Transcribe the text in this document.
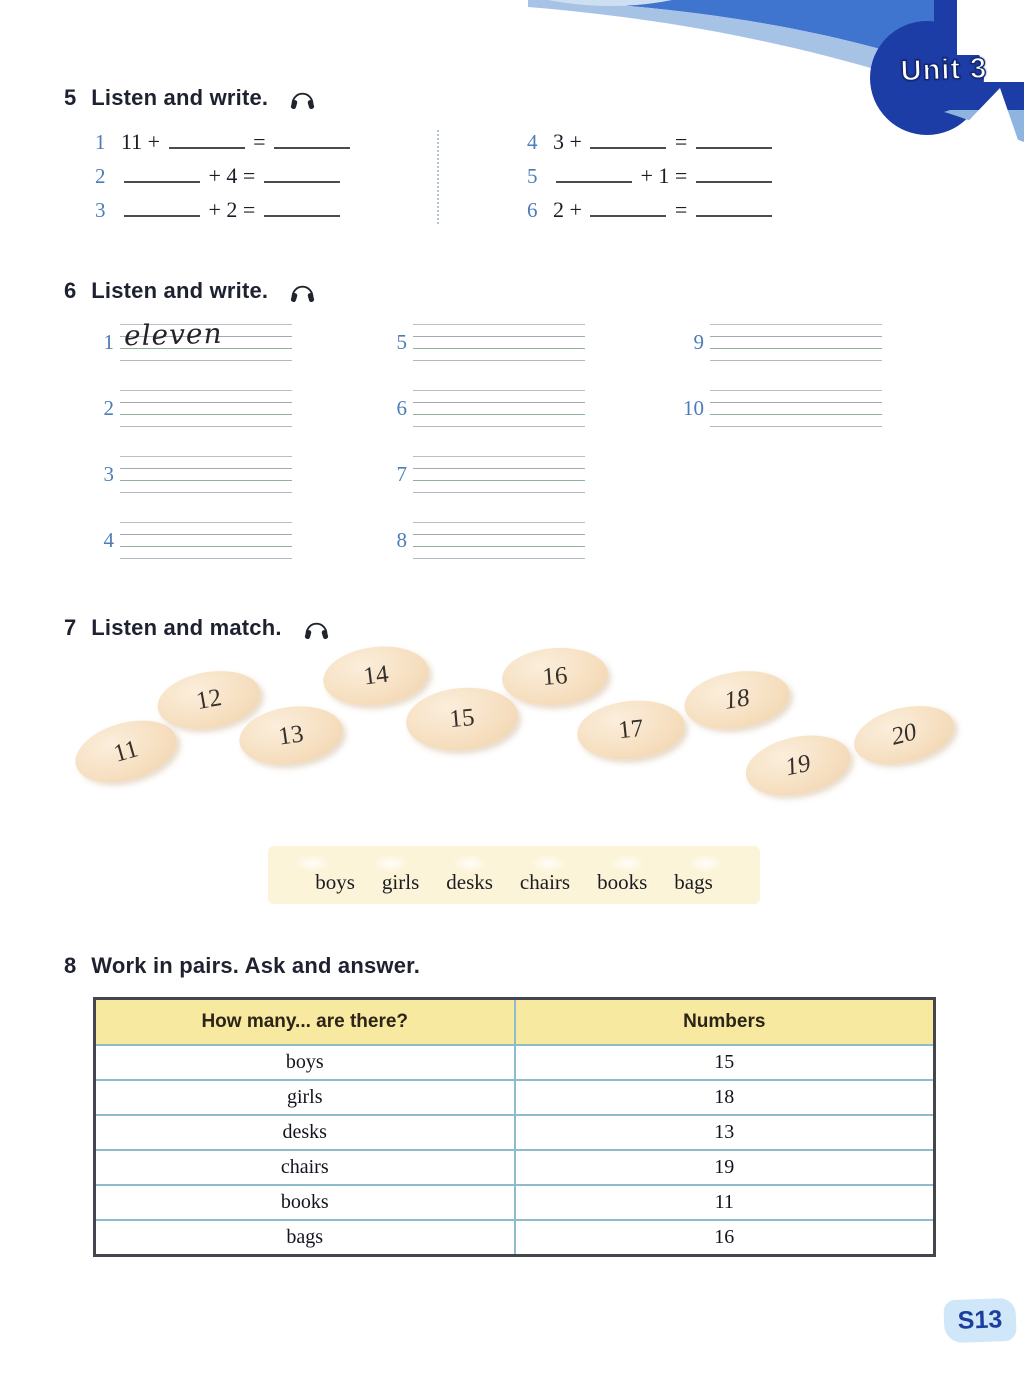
Unit 3
5 Listen and write.
1 11 +	=
2	+ 4 =
3	+ 2 =
4 3 +	=
5	+ 1 =
6 2 +	=
6 Listen and write.
1 eleven
2
3
4
5
6
7
8
9
10
7 Listen and match.
11
12
13
14
15
16
17
18
19
20
boys girls desks chairs books bags
8 Work in pairs. Ask and answer.
How many... are there?	Numbers
boys	15
girls	18
desks	13
chairs	19
books	11
bags	16
S13
